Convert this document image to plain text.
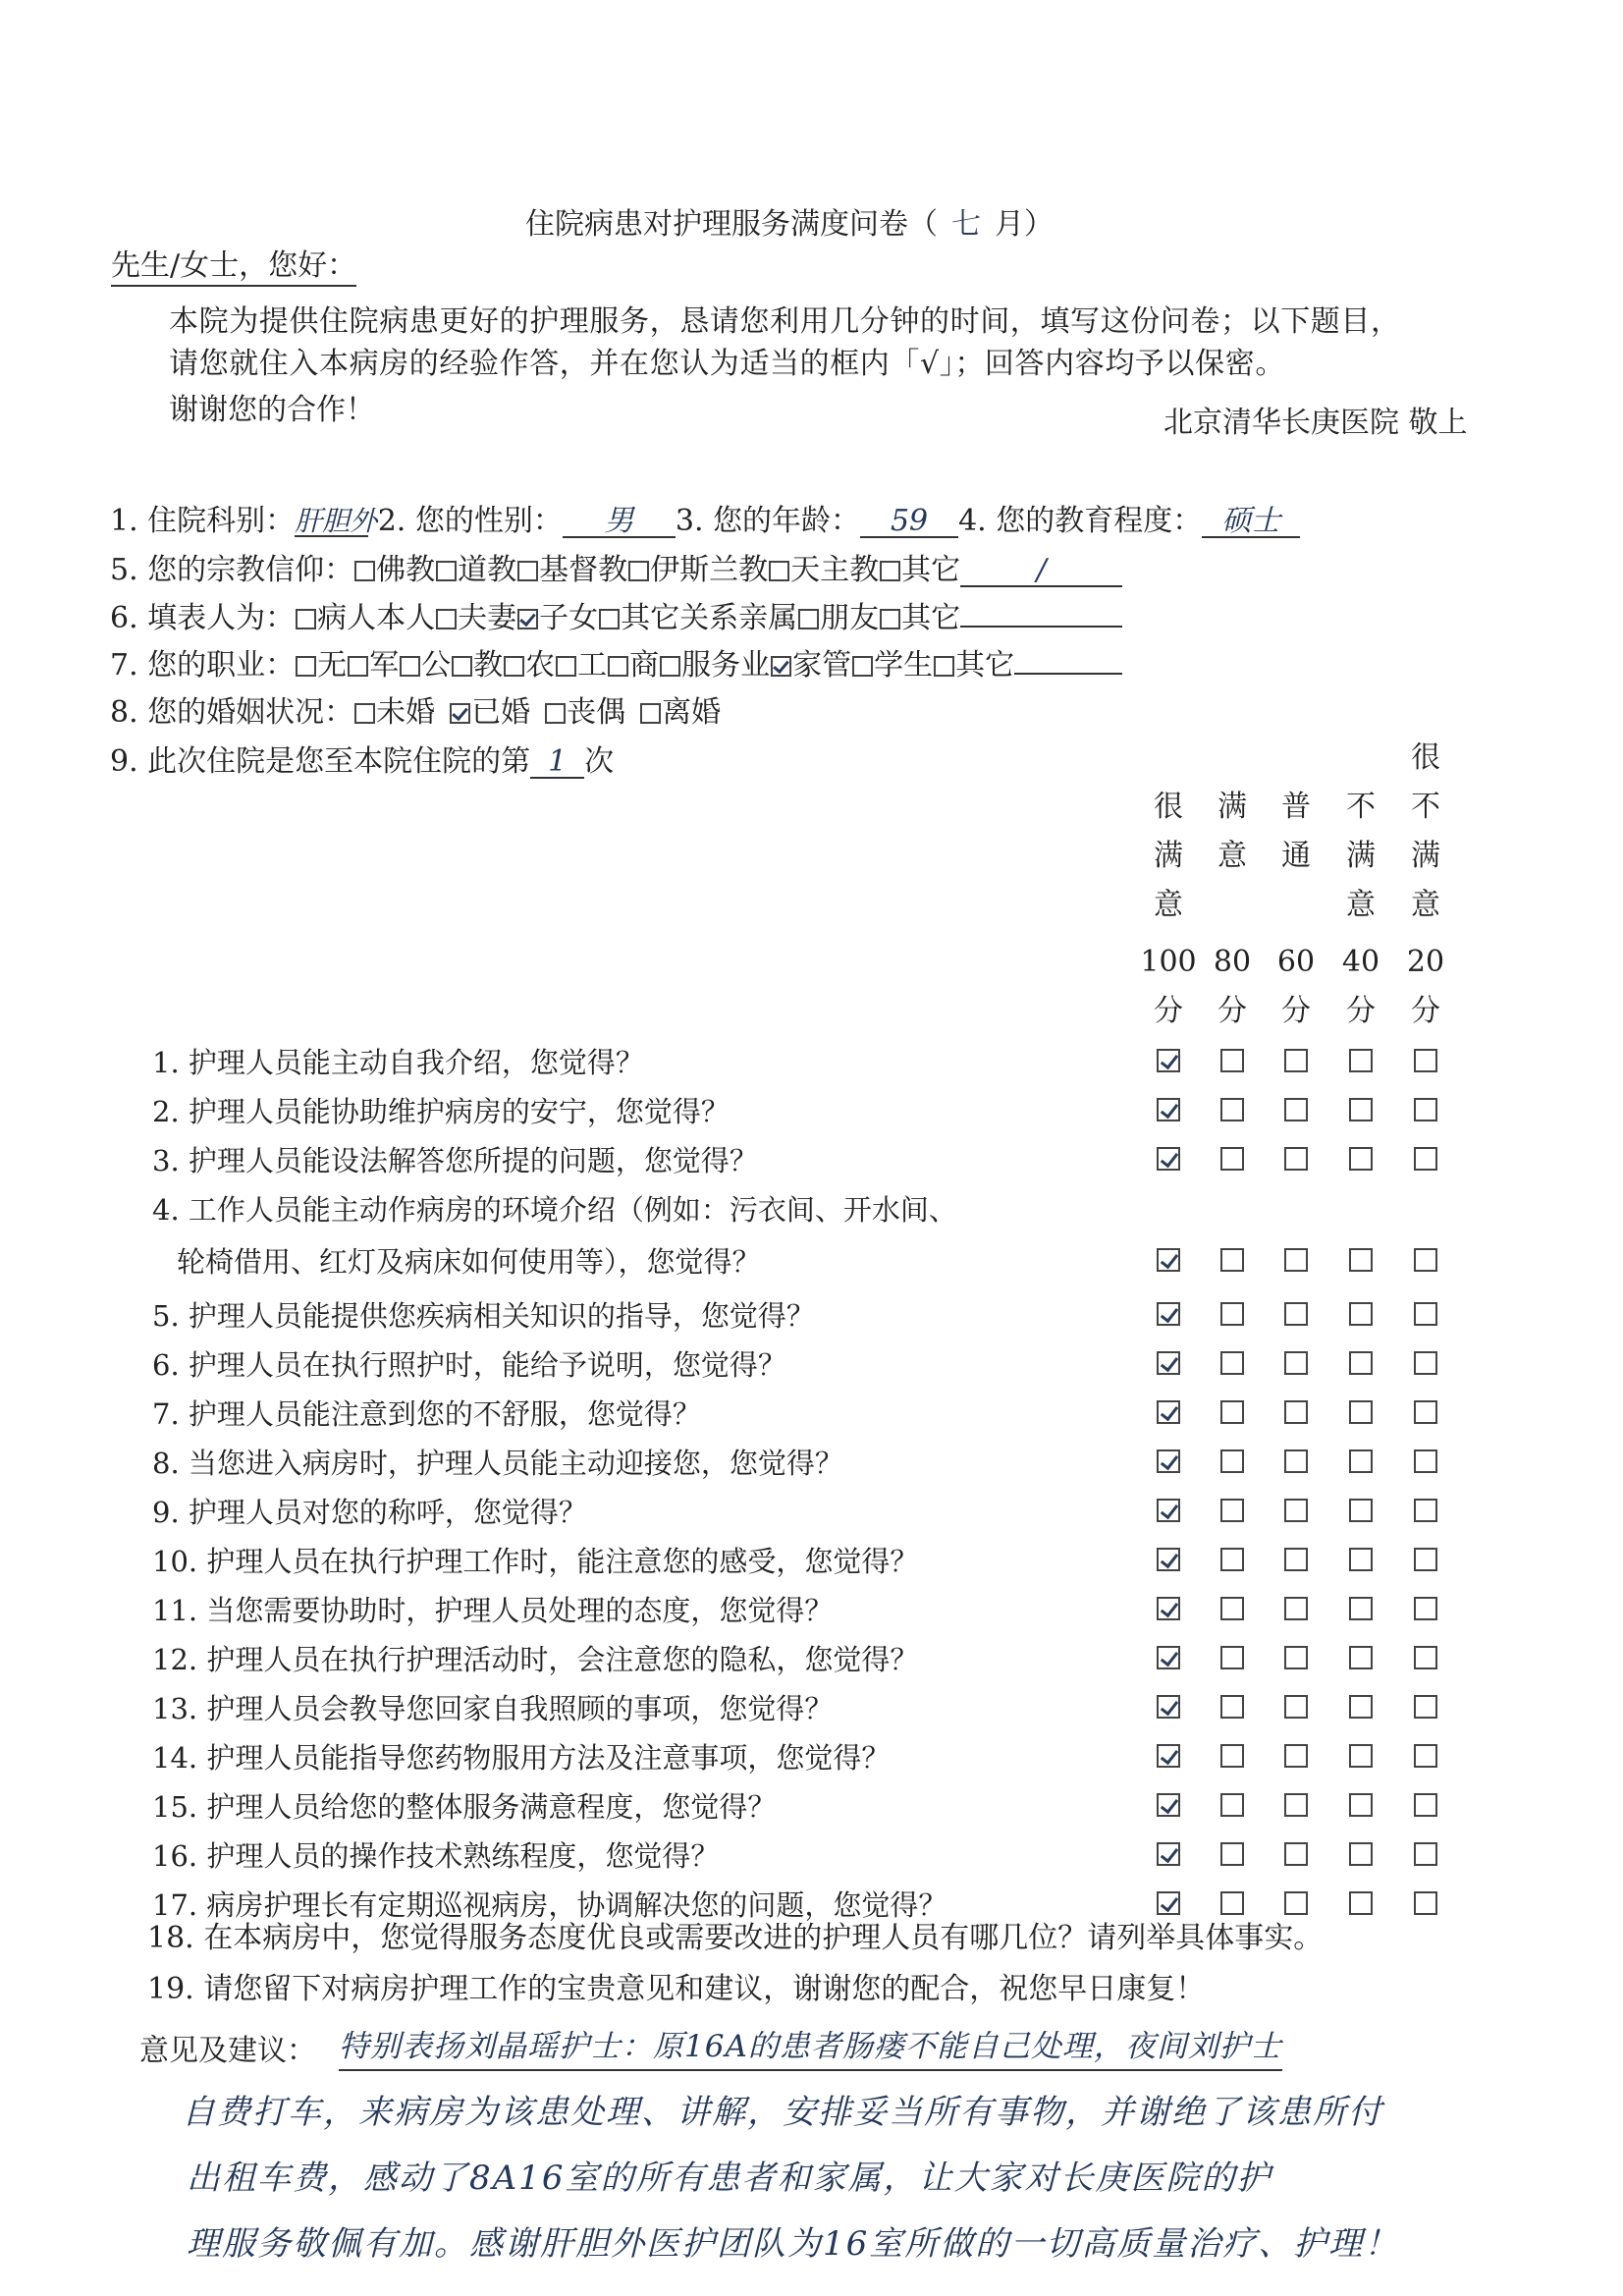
住院病患对护理服务满度问卷（ 七 月）
先生/女士，您好：
本院为提供住院病患更好的护理服务，恳请您利用几分钟的时间，填写这份问卷；以下题目，
请您就住入本病房的经验作答，并在您认为适当的框内「√」；回答内容均予以保密。
谢谢您的合作！	北京清华长庚医院 敬上
1. 住院科别：肝胆外 2. 您的性别： 男 3. 您的年龄： 59 4. 您的教育程度： 硕士
5. 您的宗教信仰： 佛教 道教 基督教 伊斯兰教 天主教 其它	/
6. 填表人为： 病人本人 夫妻 子女 其它关系亲属 朋友 其它
7. 您的职业： 无 军 公 教 农 工 商 服务业 家管 学生 其它
8. 您的婚姻状况： 未婚 已婚 丧偶 离婚
9. 此次住院是您至本院住院的第 1 次
很
满
意
100
分
满
意
80
分
普
通
60
分
不
满
意
40
分
很
不
满
意
20
分
1. 护理人员能主动自我介绍，您觉得？
2. 护理人员能协助维护病房的安宁，您觉得？
3. 护理人员能设法解答您所提的问题，您觉得？
4. 工作人员能主动作病房的环境介绍（例如：污衣间、开水间、
轮椅借用、红灯及病床如何使用等），您觉得？
5. 护理人员能提供您疾病相关知识的指导，您觉得？
6. 护理人员在执行照护时，能给予说明，您觉得？
7. 护理人员能注意到您的不舒服，您觉得？
8. 当您进入病房时，护理人员能主动迎接您，您觉得？
9. 护理人员对您的称呼，您觉得？
10. 护理人员在执行护理工作时，能注意您的感受，您觉得？
11. 当您需要协助时，护理人员处理的态度，您觉得？
12. 护理人员在执行护理活动时，会注意您的隐私，您觉得？
13. 护理人员会教导您回家自我照顾的事项，您觉得？
14. 护理人员能指导您药物服用方法及注意事项，您觉得？
15. 护理人员给您的整体服务满意程度，您觉得？
16. 护理人员的操作技术熟练程度，您觉得？
17. 病房护理长有定期巡视病房，协调解决您的问题，您觉得？
18. 在本病房中，您觉得服务态度优良或需要改进的护理人员有哪几位？请列举具体事实。
19. 请您留下对病房护理工作的宝贵意见和建议，谢谢您的配合，祝您早日康复！
意见及建议： 特别表扬刘晶瑶护士：原16A的患者肠瘘不能自己处理，夜间刘护士
自费打车，来病房为该患处理、讲解，安排妥当所有事物，并谢绝了该患所付
出租车费，感动了8A16室的所有患者和家属，让大家对长庚医院的护
理服务敬佩有加。感谢肝胆外医护团队为16室所做的一切高质量治疗、护理！
